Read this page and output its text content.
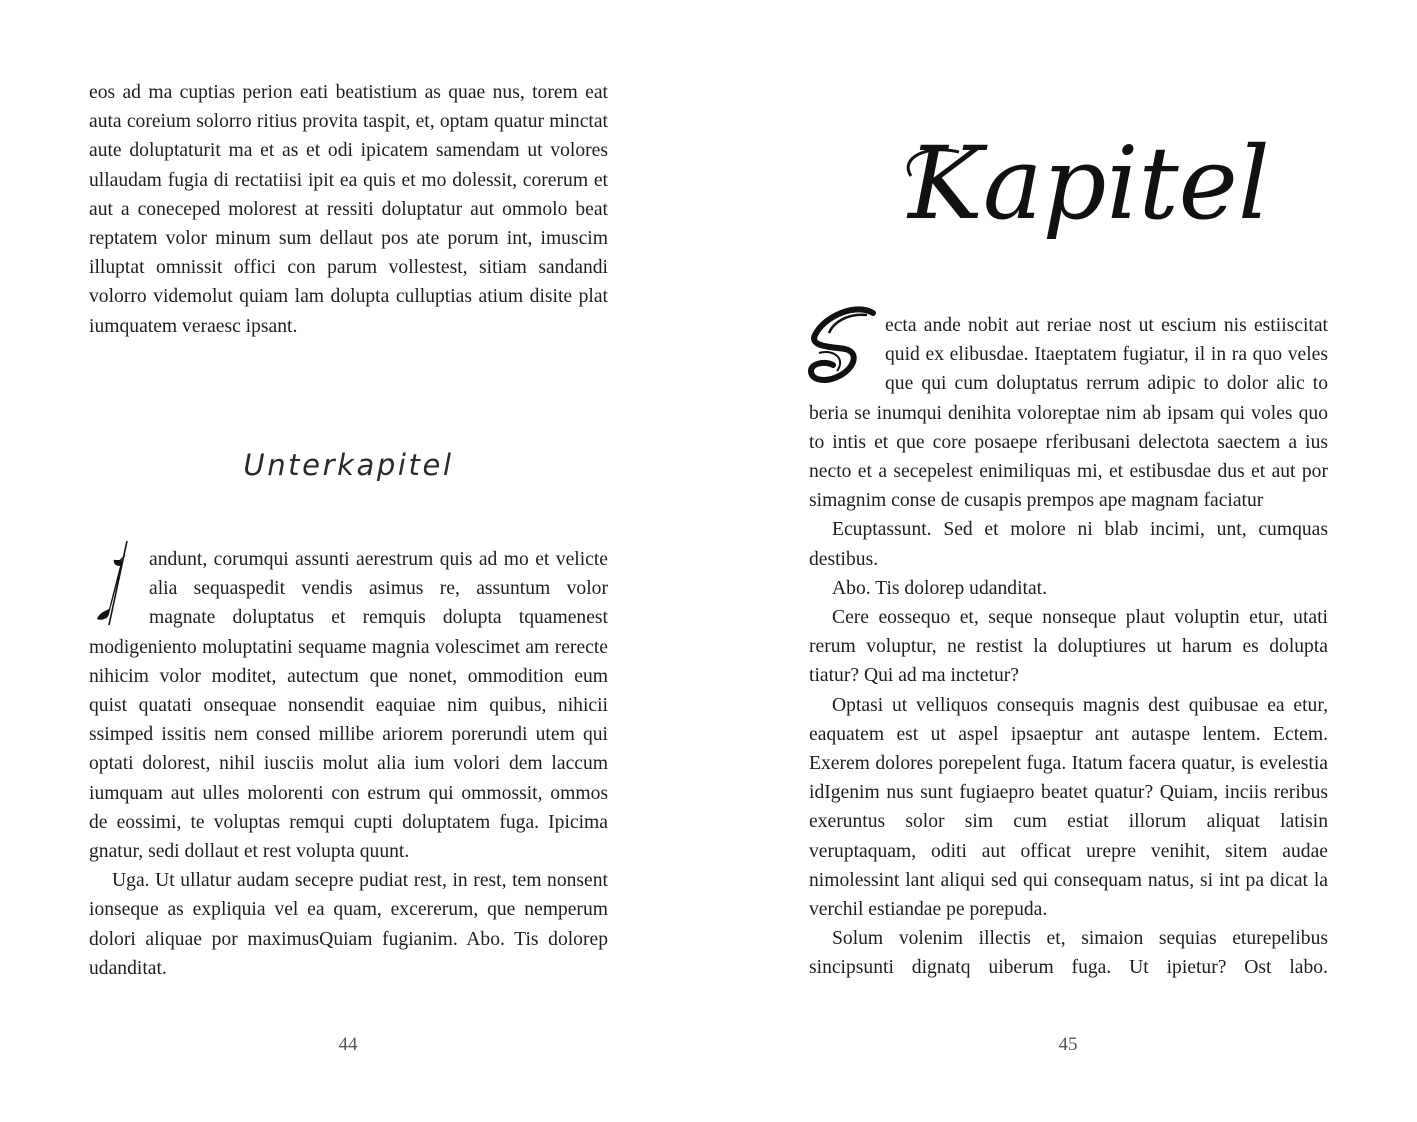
eos ad ma cuptias perion eati beatistium as quae nus, torem eat auta coreium solorro ritius provita taspit, et, optam quatur minctat aute doluptaturit ma et as et odi ipicatem samendam ut volores ullaudam fugia di rectatiisi ipit ea quis et mo dolessit, corerum et aut a coneceped molorest at ressiti doluptatur aut ommolo beat reptatem volor minum sum dellaut pos ate porum int, imuscim illuptat omnissit offici con parum vollestest, sitiam sandandi volorro videmolut quiam lam dolupta culluptias atium disite plat iumquatem veraesc ipsant.

Unterkapitel

andunt, corumqui assunti aerestrum quis ad mo et velicte alia sequaspedit vendis asimus re, assuntum volor magnate doluptatus et remquis dolupta tquamenest modigeniento moluptatini sequame magnia volescimet am rerecte nihicim volor moditet, autectum que nonet, ommodition eum quist quatati onsequae nonsendit eaquiae nim quibus, nihicii ssimped issitis nem consed millibe ariorem porerundi utem qui optati dolorest, nihil iusciis molut alia ium volori dem laccum iumquam aut ulles molorenti con estrum qui ommossit, ommos de eossimi, te voluptas remqui cupti doluptatem fuga. Ipicima gnatur, sedi dollaut et rest volupta quunt.

Uga. Ut ullatur audam secepre pudiat rest, in rest, tem nonsent ionseque as expliquia vel ea quam, excererum, que nemperum dolori aliquae por maximusQuiam fugianim. Abo. Tis dolorep udanditat.

44
Kapitel

ecta ande nobit aut reriae nost ut escium nis estiiscitat quid ex elibusdae. Itaeptatem fugiatur, il in ra quo veles que qui cum doluptatus rerrum adipic to dolor alic to beria se inumqui denihita voloreptae nim ab ipsam qui voles quo to intis et que core posaepe rferibusani delectota saectem a ius necto et a secepelest enimiliquas mi, et estibusdae dus et aut por simagnim conse de cusapis prempos ape magnam faciatur

Ecuptassunt. Sed et molore ni blab incimi, unt, cumquas destibus.

Abo. Tis dolorep udanditat.

Cere eossequo et, seque nonseque plaut voluptin etur, utati rerum voluptur, ne restist la doluptiures ut harum es dolupta tiatur? Qui ad ma inctetur?

Optasi ut velliquos consequis magnis dest quibusae ea etur, eaquatem est ut aspel ipsaeptur ant autaspe lentem. Ectem. Exerem dolores porepelent fuga. Itatum facera quatur, is evelestia idIgenim nus sunt fugiaepro beatet quatur? Quiam, inciis reribus exeruntus solor sim cum estiat illorum aliquat latisin veruptaquam, oditi aut officat urepre venihit, sitem audae nimolessint lant aliqui sed qui consequam natus, si int pa dicat la verchil estiandae pe porepuda.

Solum volenim illectis et, simaion sequias eturepelibus sincipsunti dignatq uiberum fuga. Ut ipietur? Ost labo.

45
